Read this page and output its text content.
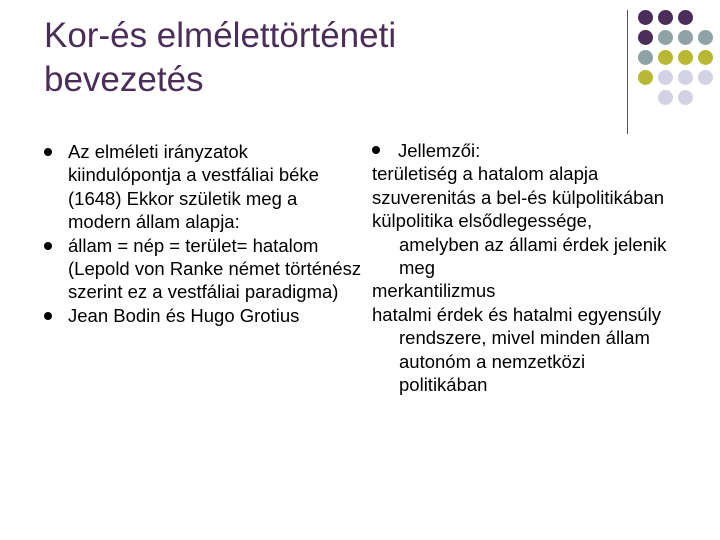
Kor-és elmélettörténeti
bevezetés

Az elméleti irányzatok kiindulópontja a vestfáliai béke (1648) Ekkor születik meg a modern állam alapja:

állam = nép = terület= hatalom (Lepold von Ranke német történész szerint ez a vestfáliai paradigma)

Jean Bodin és Hugo Grotius

Jellemzői:

területiség a hatalom alapja

szuverenitás a bel-és külpolitikában

külpolitika elsődlegessége, amelyben az állami érdek jelenik meg

merkantilizmus

hatalmi érdek és hatalmi egyensúly rendszere, mivel minden állam autonóm a nemzetközi politikában
